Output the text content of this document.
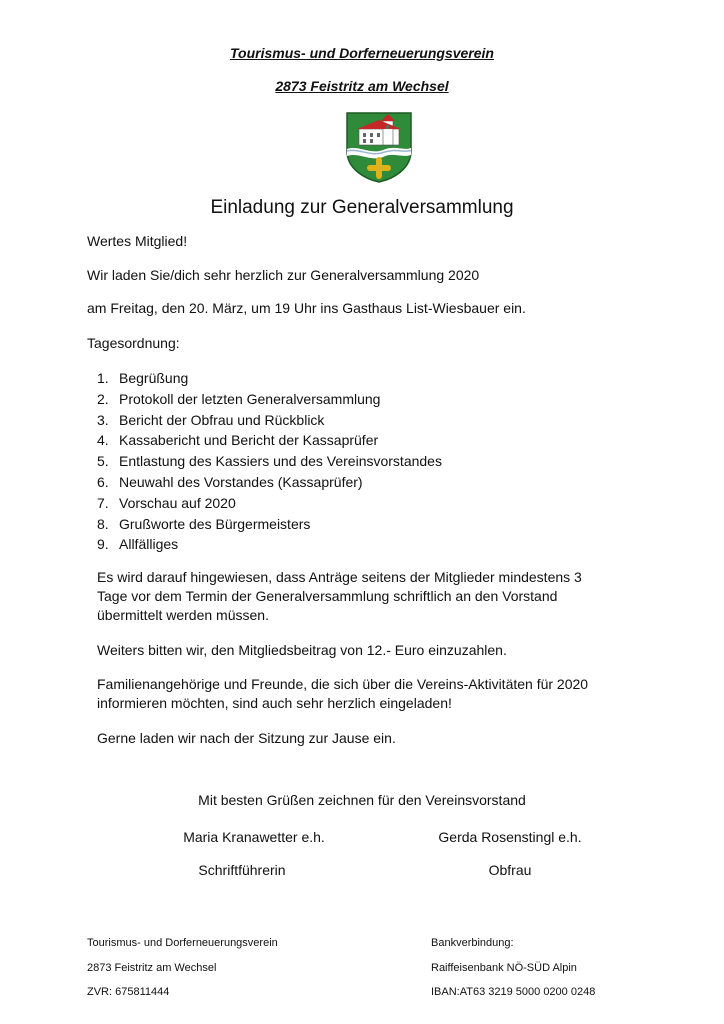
Tourismus- und Dorferneuerungsverein
2873 Feistritz am Wechsel
Einladung zur Generalversammlung
Wertes Mitglied!
Wir laden Sie/dich sehr herzlich zur Generalversammlung 2020
am Freitag, den 20. März, um 19 Uhr ins Gasthaus List-Wiesbauer ein.
Tagesordnung:
1. Begrüßung
2. Protokoll der letzten Generalversammlung
3. Bericht der Obfrau und Rückblick
4. Kassabericht und Bericht der Kassaprüfer
5. Entlastung des Kassiers und des Vereinsvorstandes
6. Neuwahl des Vorstandes (Kassaprüfer)
7. Vorschau auf 2020
8. Grußworte des Bürgermeisters
9. Allfälliges
Es wird darauf hingewiesen, dass Anträge seitens der Mitglieder mindestens 3
Tage vor dem Termin der Generalversammlung schriftlich an den Vorstand
übermittelt werden müssen.
Weiters bitten wir, den Mitgliedsbeitrag von 12.- Euro einzuzahlen.
Familienangehörige und Freunde, die sich über die Vereins-Aktivitäten für 2020
informieren möchten, sind auch sehr herzlich eingeladen!
Gerne laden wir nach der Sitzung zur Jause ein.
Mit besten Grüßen zeichnen für den Vereinsvorstand
Maria Kranawetter e.h.	Gerda Rosenstingl e.h.
Schriftführerin	Obfrau
Tourismus- und Dorferneuerungsverein
2873 Feistritz am Wechsel
ZVR: 675811444
Bankverbindung:
Raiffeisenbank NÖ-SÜD Alpin
IBAN:AT63 3219 5000 0200 0248
